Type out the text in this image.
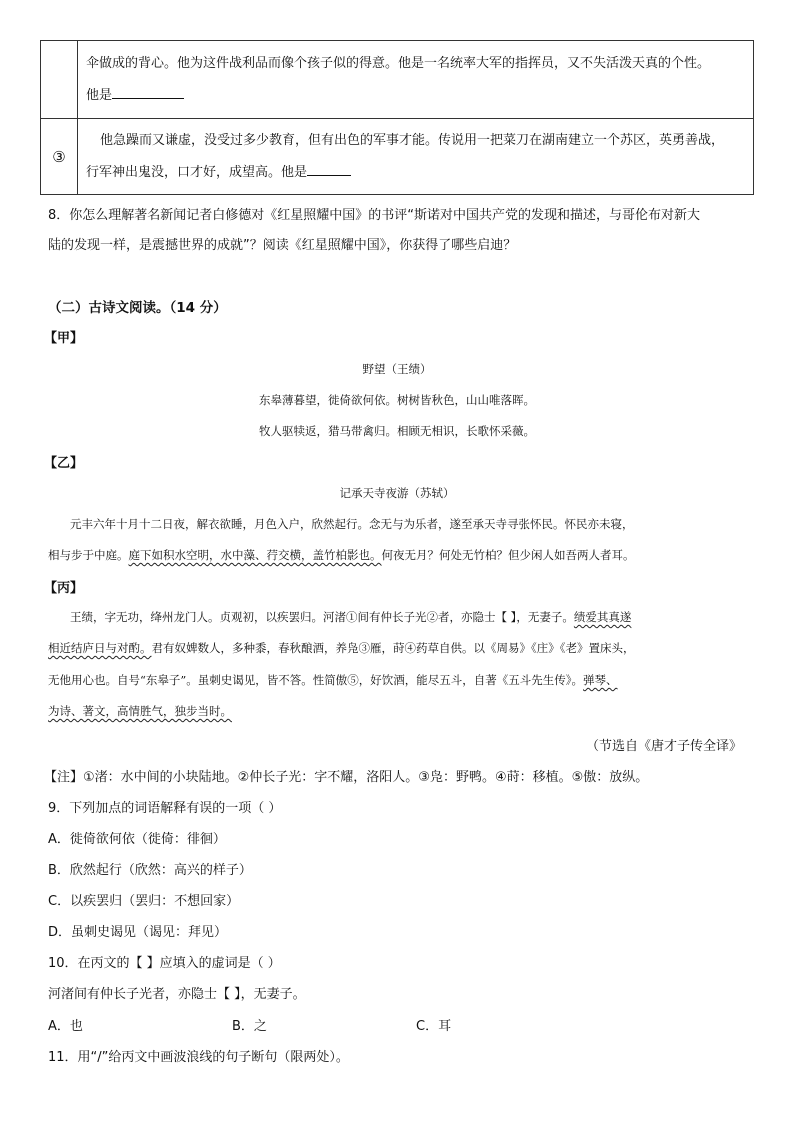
	伞做成的背心。他为这件战利品而像个孩子似的得意。他是一名统率大军的指挥员，又不失活泼天真的个性。
他是

③	他急躁而又谦虚，没受过多少教育，但有出色的军事才能。传说用一把菜刀在湖南建立一个苏区，英勇善战，
行军神出鬼没，口才好，成望高。他是
8．你怎么理解著名新闻记者白修德对《红星照耀中国》的书评“斯诺对中国共产党的发现和描述，与哥伦布对新大
陆的发现一样，是震撼世界的成就”？阅读《红星照耀中国》，你获得了哪些启迪？
（二）古诗文阅读。（14 分）
【甲】
野望（王绩）
东皋薄暮望，徙倚欲何依。树树皆秋色，山山唯落晖。
牧人驱犊返，猎马带禽归。相顾无相识，长歌怀采薇。
【乙】
记承天寺夜游（苏轼）
元丰六年十月十二日夜，解衣欲睡，月色入户，欣然起行。念无与为乐者，遂至承天寺寻张怀民。怀民亦未寝，
相与步于中庭。庭下如积水空明，水中藻、荇交横，盖竹柏影也。何夜无月？何处无竹柏？但少闲人如吾两人者耳。
【丙】
王绩，字无功，绛州龙门人。贞观初，以疾罢归。河渚①间有仲长子光②者，亦隐士【 】，无妻子。绩爱其真遂
相近结庐日与对酌。君有奴婢数人，多种黍，春秋酿酒，养凫③雁，莳④药草自供。以《周易》《庄》《老》置床头，
无他用心也。自号“东皋子”。虽刺史谒见，皆不答。性简傲⑤，好饮酒，能尽五斗，自著《五斗先生传》。弹琴、
为诗、著文，高情胜气，独步当时。
（节选自《唐才子传全译》
【注】①渚：水中间的小块陆地。②仲长子光：字不耀，洛阳人。③凫：野鸭。④莳：移植。⑤傲：放纵。
9．下列加点的词语解释有误的一项（ ）
A．徙倚欲何依（徙倚：徘徊）
B．欣然起行（欣然：高兴的样子）
C．以疾罢归（罢归：不想回家）
D．虽刺史谒见（谒见：拜见）
10．在丙文的【 】应填入的虚词是（ ）
河渚间有仲长子光者，亦隐士【 】，无妻子。
A．也	B．之	C．耳
11．用“/”给丙文中画波浪线的句子断句（限两处）。
